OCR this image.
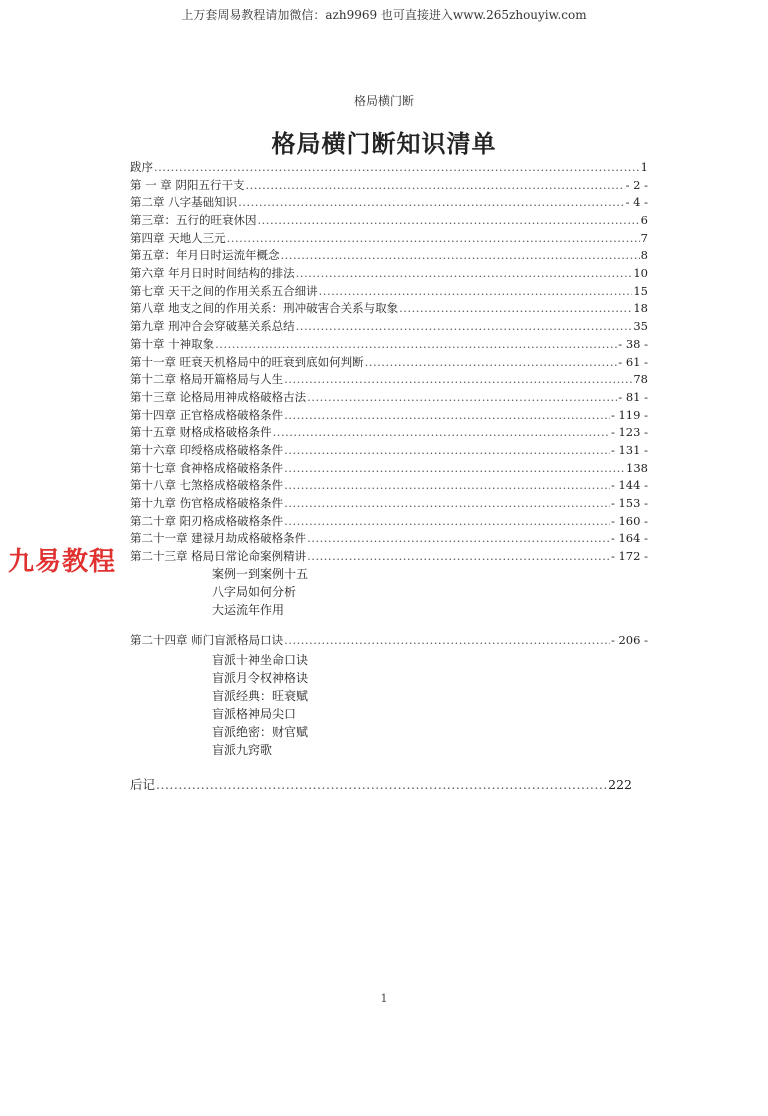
上万套周易教程请加微信：azh9969 也可直接进入www.265zhouyiw.com
格局横门断
格局横门断知识清单
跋序 .....	1
第 一 章 阴阳五行干支 .....	- 2 -
第二章 八字基础知识 .....	- 4 -
第三章：五行的旺衰休因 .....	6
第四章 天地人三元 .....	7
第五章：年月日时运流年概念 .....	8
第六章 年月日时时间结构的排法 .....	10
第七章 天干之间的作用关系五合细讲 .....	15
第八章 地支之间的作用关系：刑冲破害合关系与取象 .....	18
第九章 刑冲合会穿破墓关系总结 .....	35
第十章 十神取象 .....	- 38 -
第十一章 旺衰天机格局中的旺衰到底如何判断 .....	- 61 -
第十二章 格局开篇格局与人生 .....	78
第十三章 论格局用神成格破格古法 .....	- 81 -
第十四章 正官格成格破格条件 .....	- 119 -
第十五章 财格成格破格条件 .....	- 123 -
第十六章 印绶格成格破格条件 .....	- 131 -
第十七章 食神格成格破格条件 .....	138
第十八章 七煞格成格破格条件 .....	- 144 -
第十九章 伤官格成格破格条件 .....	- 153 -
第二十章 阳刃格成格破格条件 .....	- 160 -
第二十一章 建禄月劫成格破格条件 .....	- 164 -
第二十三章 格局日常论命案例精讲 .....	- 172 -
案例一到案例十五
八字局如何分析
大运流年作用
第二十四章 师门盲派格局口诀 .....	- 206 -
盲派十神坐命口诀
盲派月令权神格诀
盲派经典：旺衰赋
盲派格神局尖口
盲派绝密：财官赋
盲派九窍歌
后记 .....	222
九易教程
1
